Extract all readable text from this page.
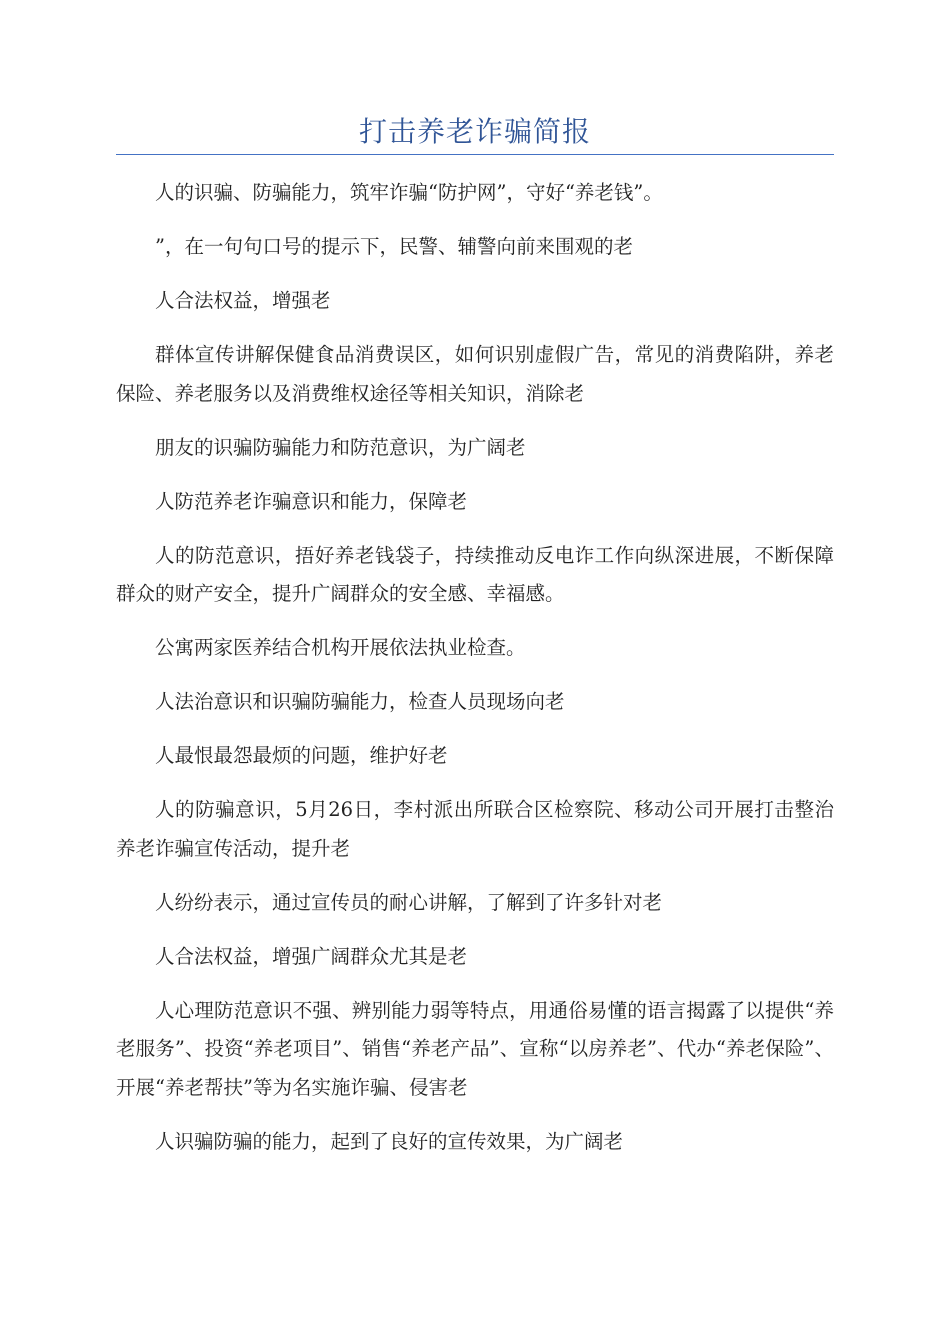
打击养老诈骗简报

人的识骗、防骗能力，筑牢诈骗“防护网”，守好“养老钱”。

”，在一句句口号的提示下，民警、辅警向前来围观的老

人合法权益，增强老

群体宣传讲解保健食品消费误区，如何识别虚假广告，常见的消费陷阱，养老保险、养老服务以及消费维权途径等相关知识，消除老

朋友的识骗防骗能力和防范意识，为广阔老

人防范养老诈骗意识和能力，保障老

人的防范意识，捂好养老钱袋子，持续推动反电诈工作向纵深进展，不断保障群众的财产安全，提升广阔群众的安全感、幸福感。

公寓两家医养结合机构开展依法执业检查。

人法治意识和识骗防骗能力，检查人员现场向老

人最恨最怨最烦的问题，维护好老

人的防骗意识，5月26日，李村派出所联合区检察院、移动公司开展打击整治养老诈骗宣传活动，提升老

人纷纷表示，通过宣传员的耐心讲解，了解到了许多针对老

人合法权益，增强广阔群众尤其是老

人心理防范意识不强、辨别能力弱等特点，用通俗易懂的语言揭露了以提供“养老服务”、投资“养老项目”、销售“养老产品”、宣称“以房养老”、代办“养老保险”、开展“养老帮扶”等为名实施诈骗、侵害老

人识骗防骗的能力，起到了良好的宣传效果，为广阔老
